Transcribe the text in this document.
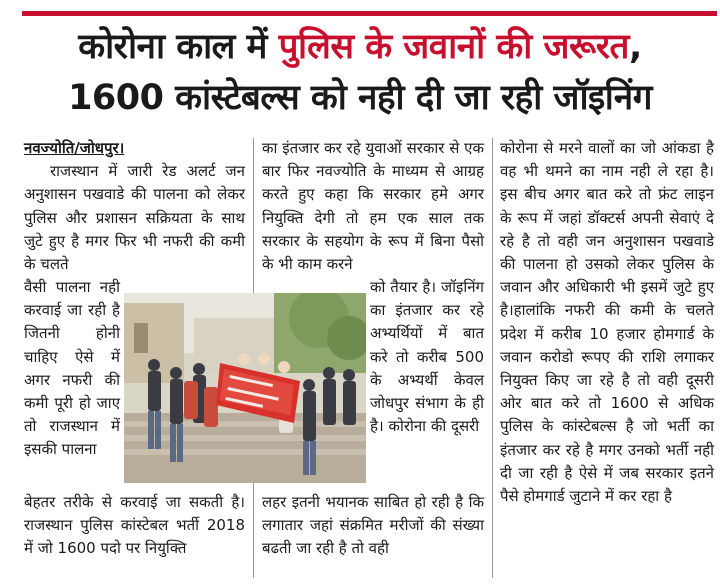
कोरोना काल में पुलिस के जवानों की जरूरत,
1600 कांस्टेबल्स को नही दी जा रही जॉइनिंग

नवज्योति/जोधपुर।

राजस्थान में जारी रेड अलर्ट जन अनुशासन पखवाडे की पालना को लेकर पुलिस और प्रशासन सक्रियता के साथ जुटे हुए है मगर फिर भी नफरी की कमी के चलते

वैसी पालना नही करवाई जा रही है जितनी होनी चाहिए ऐसे में अगर नफरी की कमी पूरी हो जाए तो राजस्थान में इसकी पालना
बेहतर तरीके से करवाई जा सकती है।राजस्थान पुलिस कांस्टेबल भर्ती 2018 में जो 1600 पदो पर नियुक्ति
का इंतजार कर रहे युवाओं सरकार से एक बार फिर नवज्योति के माध्यम से आग्रह करते हुए कहा कि सरकार हमे अगर नियुक्ति देगी तो हम एक साल तक सरकार के सहयोग के रूप में बिना पैसो के भी काम करने
को तैयार है। जॉइनिंग का इंतजार कर रहे अभ्यर्थियों में बात करे तो करीब 500 के अभ्यर्थी केवल जोधपुर संभाग के ही है। कोरोना की दूसरी
लहर इतनी भयानक साबित हो रही है कि लगातार जहां संक्रमित मरीजों की संख्या बढती जा रही है तो वही
कोरोना से मरने वालों का जो आंकडा है वह भी थमने का नाम नही ले रहा है। इस बीच अगर बात करे तो फ्रंट लाइन के रूप में जहां डॉक्टर्स अपनी सेवाएं दे रहे है तो वही जन अनुशासन पखवाडे की पालना हो उसको लेकर पुलिस के जवान और अधिकारी भी इसमें जुटे हुए है।हालांकि नफरी की कमी के चलते प्रदेश में करीब 10 हजार होमगार्ड के जवान करोडो रूपए की राशि लगाकर नियुक्त किए जा रहे है तो वही दूसरी ओर बात करे तो 1600 से अधिक पुलिस के कांस्टेबल्स है जो भर्ती का इंतजार कर रहे है मगर उनको भर्ती नही दी जा रही है ऐसे में जब सरकार इतने पैसे होमगार्ड जुटाने में कर रहा है
